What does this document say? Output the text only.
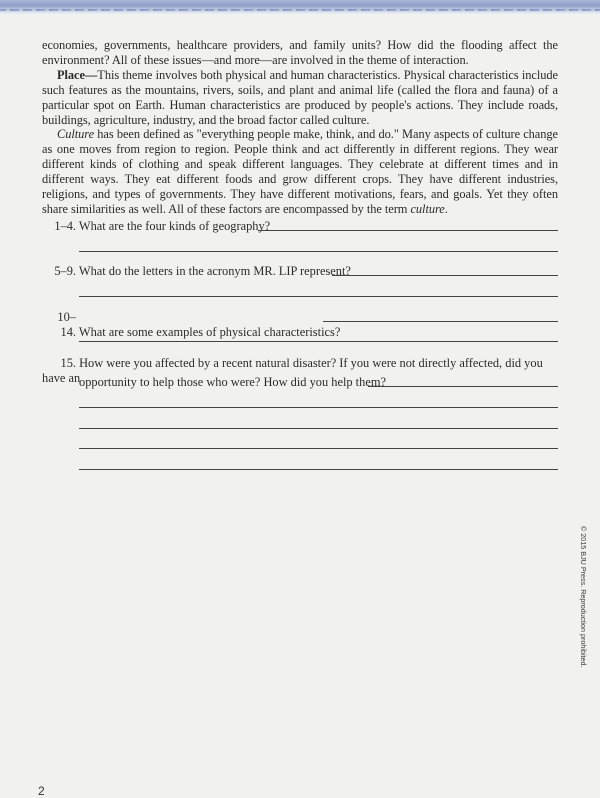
economies, governments, healthcare providers, and family units? How did the flooding affect the environment? All of these issues—and more—are involved in the theme of interaction.

Place—This theme involves both physical and human characteristics. Physical characteristics include such features as the mountains, rivers, soils, and plant and animal life (called the flora and fauna) of a particular spot on Earth. Human characteristics are produced by people's actions. They include roads, buildings, agriculture, industry, and the broad factor called culture.

Culture has been defined as "everything people make, think, and do." Many aspects of culture change as one moves from region to region. People think and act differently in different regions. They wear different kinds of clothing and speak different languages. They celebrate at different times and in different ways. They eat different foods and grow different crops. They have different industries, religions, and types of governments. They have different motivations, fears, and goals. Yet they often share similarities as well. All of these factors are encompassed by the term culture.

1–4. What are the four kinds of geography?
5–9. What do the letters in the acronym MR. LIP represent?
10–14. What are some examples of physical characteristics?
15. How were you affected by a recent natural disaster? If you were not directly affected, did you have an
opportunity to help those who were? How did you help them?
© 2015 BJU Press. Reproduction prohibited.
2
